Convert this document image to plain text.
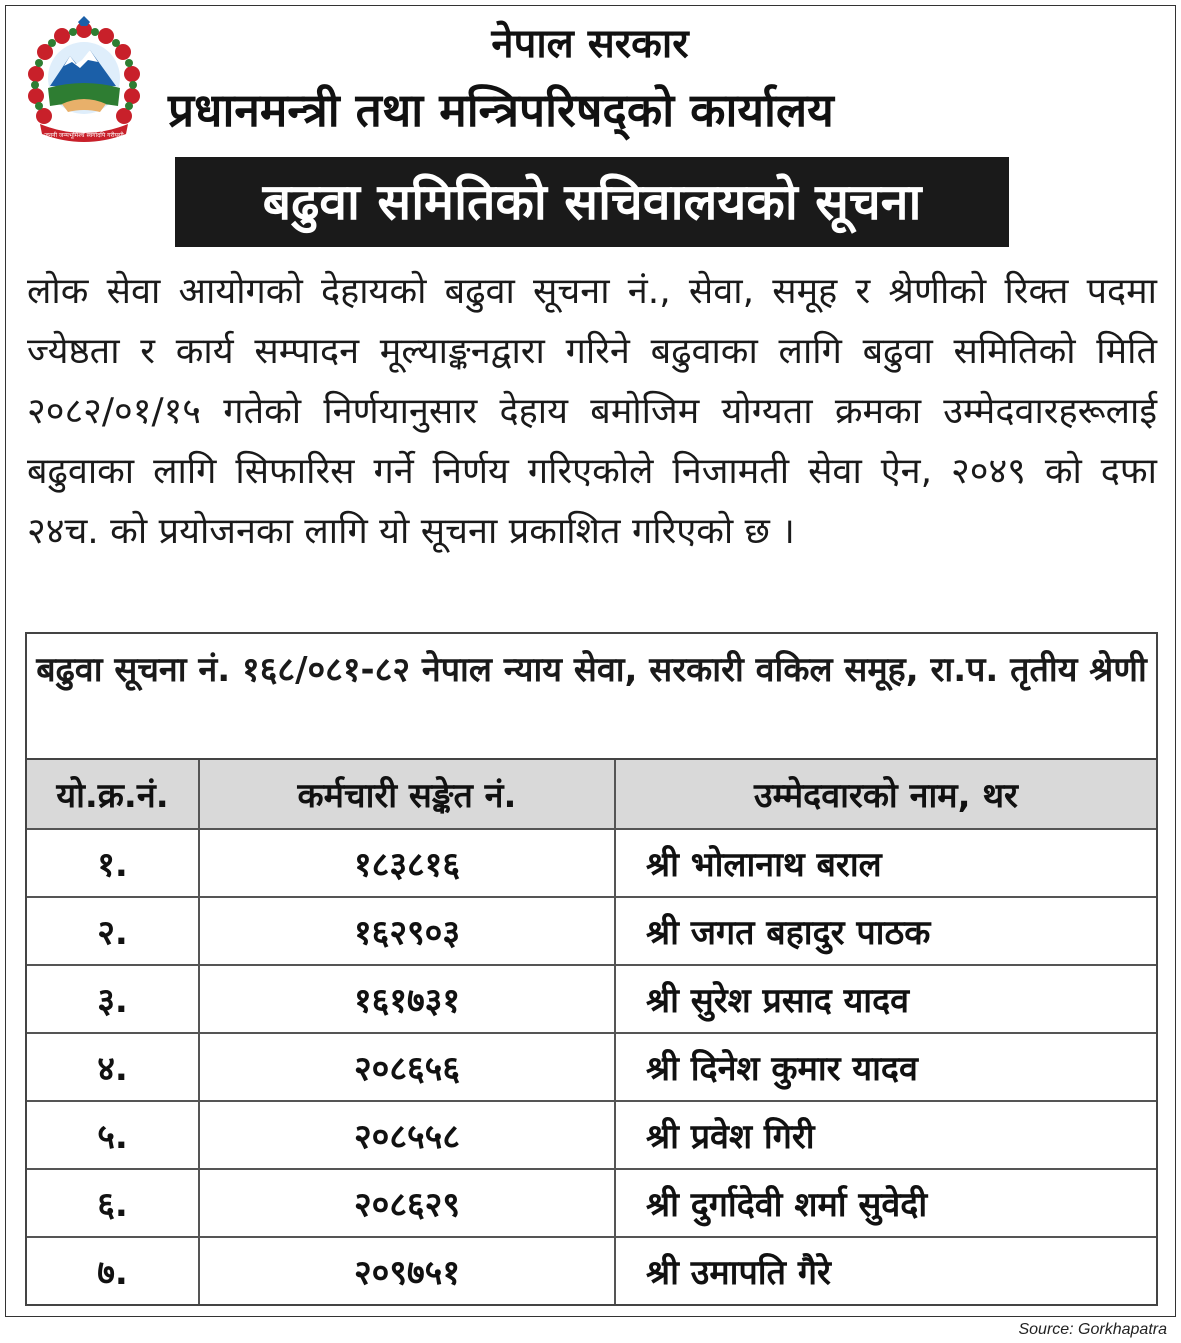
जननी जन्मभूमिश्च स्वर्गादपि गरीयसी
नेपाल सरकार
प्रधानमन्त्री तथा मन्त्रिपरिषद्को कार्यालय
बढुवा समितिको सचिवालयको सूचना
लोक सेवा आयोगको देहायको बढुवा सूचना नं., सेवा, समूह र श्रेणीको रिक्त पदमा ज्येष्ठता र कार्य सम्पादन मूल्याङ्कनद्वारा गरिने बढुवाका लागि बढुवा समितिको मिति २०८२/०१/१५ गतेको निर्णयानुसार देहाय बमोजिम योग्यता क्रमका उम्मेदवारहरूलाई बढुवाका लागि सिफारिस गर्ने निर्णय गरिएकोले निजामती सेवा ऐन, २०४९ को दफा २४च. को प्रयोजनका लागि यो सूचना प्रकाशित गरिएको छ ।
बढुवा सूचना नं. १६८/०८१-८२ नेपाल न्याय सेवा, सरकारी वकिल समूह, रा.प. तृतीय श्रेणी
यो.क्र.नं.	कर्मचारी सङ्केत नं.	उम्मेदवारको नाम, थर
१.	१८३८१६	श्री भोलानाथ बराल
२.	१६२९०३	श्री जगत बहादुर पाठक
३.	१६१७३१	श्री सुरेश प्रसाद यादव
४.	२०८६५६	श्री दिनेश कुमार यादव
५.	२०८५५८	श्री प्रवेश गिरी
६.	२०८६२९	श्री दुर्गादेवी शर्मा सुवेदी
७.	२०९७५१	श्री उमापति गैरे
Source: Gorkhapatra
